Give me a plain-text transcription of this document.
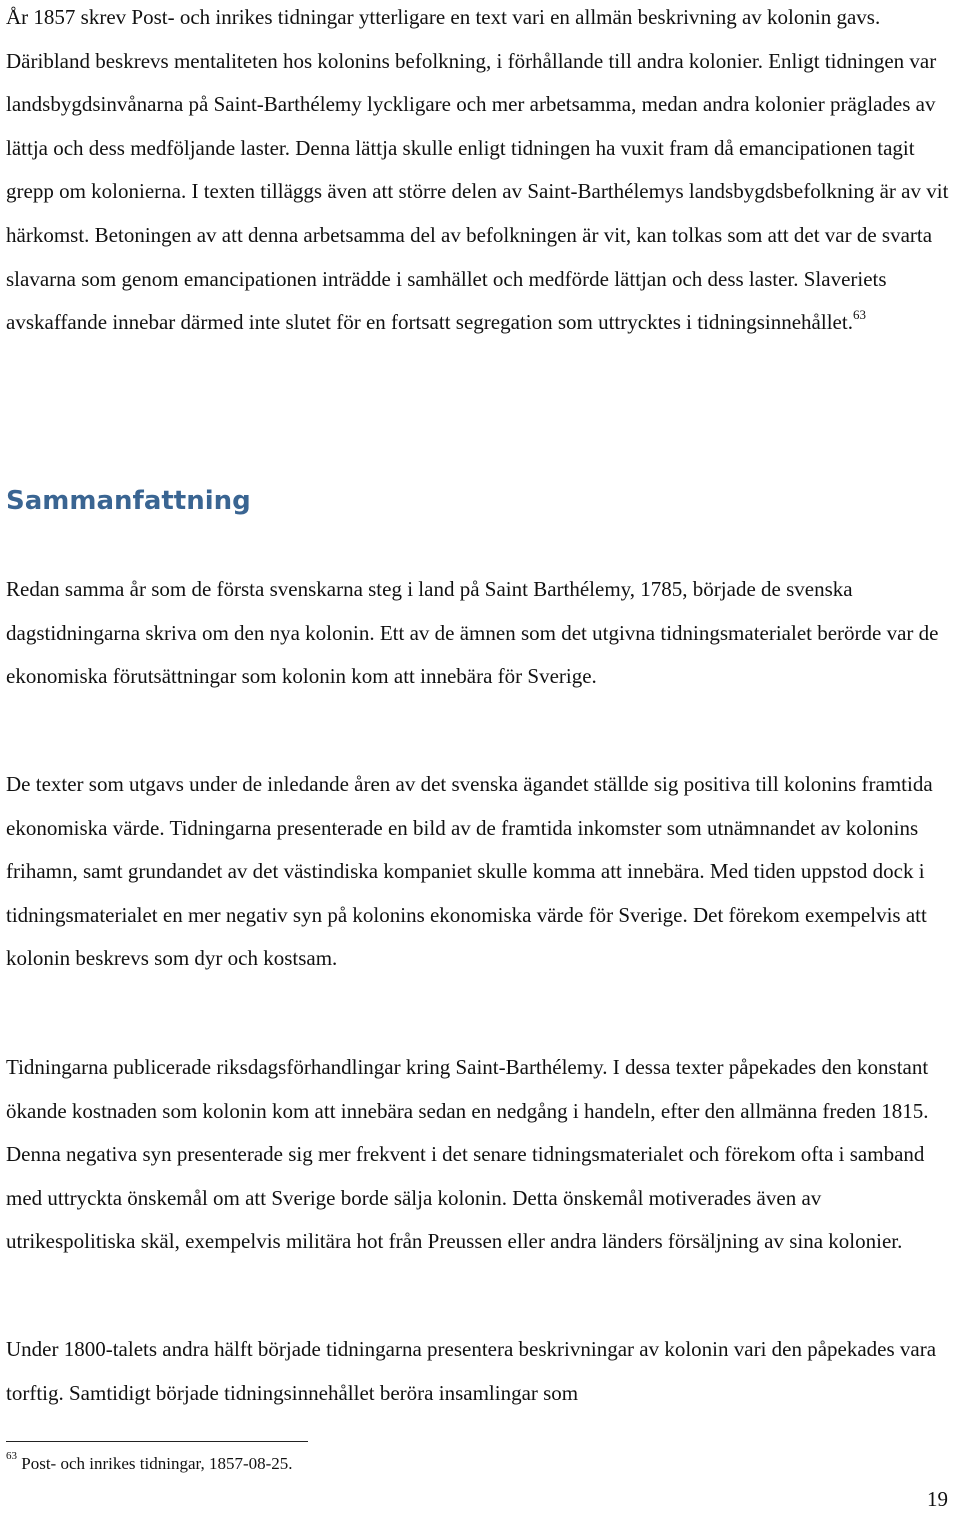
År 1857 skrev Post- och inrikes tidningar ytterligare en text vari en allmän beskrivning av kolonin gavs. Däribland beskrevs mentaliteten hos kolonins befolkning, i förhållande till andra kolonier. Enligt tidningen var landsbygdsinvånarna på Saint-Barthélemy lyckligare och mer arbetsamma, medan andra kolonier präglades av lättja och dess medföljande laster. Denna lättja skulle enligt tidningen ha vuxit fram då emancipationen tagit grepp om kolonierna. I texten tilläggs även att större delen av Saint-Barthélemys landsbygdsbefolkning är av vit härkomst. Betoningen av att denna arbetsamma del av befolkningen är vit, kan tolkas som att det var de svarta slavarna som genom emancipationen inträdde i samhället och medförde lättjan och dess laster. Slaveriets avskaffande innebar därmed inte slutet för en fortsatt segregation som uttrycktes i tidningsinnehållet.$^{63}$

Sammanfattning

Redan samma år som de första svenskarna steg i land på Saint Barthélemy, 1785, började de svenska dagstidningarna skriva om den nya kolonin. Ett av de ämnen som det utgivna tidningsmaterialet berörde var de ekonomiska förutsättningar som kolonin kom att innebära för Sverige.

De texter som utgavs under de inledande åren av det svenska ägandet ställde sig positiva till kolonins framtida ekonomiska värde. Tidningarna presenterade en bild av de framtida inkomster som utnämnandet av kolonins frihamn, samt grundandet av det västindiska kompaniet skulle komma att innebära. Med tiden uppstod dock i tidningsmaterialet en mer negativ syn på kolonins ekonomiska värde för Sverige. Det förekom exempelvis att kolonin beskrevs som dyr och kostsam.

Tidningarna publicerade riksdagsförhandlingar kring Saint-Barthélemy. I dessa texter påpekades den konstant ökande kostnaden som kolonin kom att innebära sedan en nedgång i handeln, efter den allmänna freden 1815. Denna negativa syn presenterade sig mer frekvent i det senare tidningsmaterialet och förekom ofta i samband med uttryckta önskemål om att Sverige borde sälja kolonin. Detta önskemål motiverades även av utrikespolitiska skäl, exempelvis militära hot från Preussen eller andra länders försäljning av sina kolonier.

Under 1800-talets andra hälft började tidningarna presentera beskrivningar av kolonin vari den påpekades vara torftig. Samtidigt började tidningsinnehållet beröra insamlingar som

$^{63}$ Post- och inrikes tidningar, 1857-08-25.

19
